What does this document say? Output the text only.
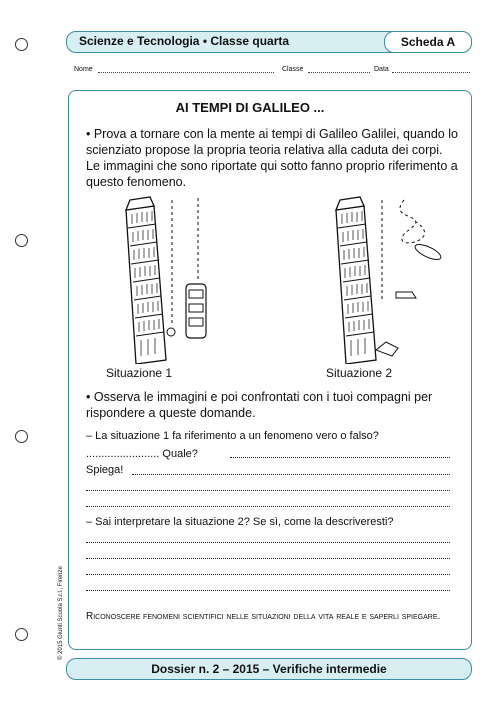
Scienze e Tecnologia • Classe quarta	Scheda A
Nome	Classe	Data
AI TEMPI DI GALILEO ...
• Prova a tornare con la mente ai tempi di Galileo Galilei, quando lo scienziato propose la propria teoria relativa alla caduta dei corpi. Le immagini che sono riportate qui sotto fanno proprio riferimento a questo fenomeno.
Situazione 1	Situazione 2
• Osserva le immagini e poi confrontati con i tuoi compagni per rispondere a queste domande.
– La situazione 1 fa riferimento a un fenomeno vero o falso?
........................ Quale?
Spiega!
– Sai interpretare la situazione 2? Se sì, come la descriveresti?
Riconoscere fenomeni scientifici nelle situazioni della vita reale e saperli spiegare.
© 2015 Giunti Scuola S.r.l., Firenze
Dossier n. 2 – 2015 – Verifiche intermedie
